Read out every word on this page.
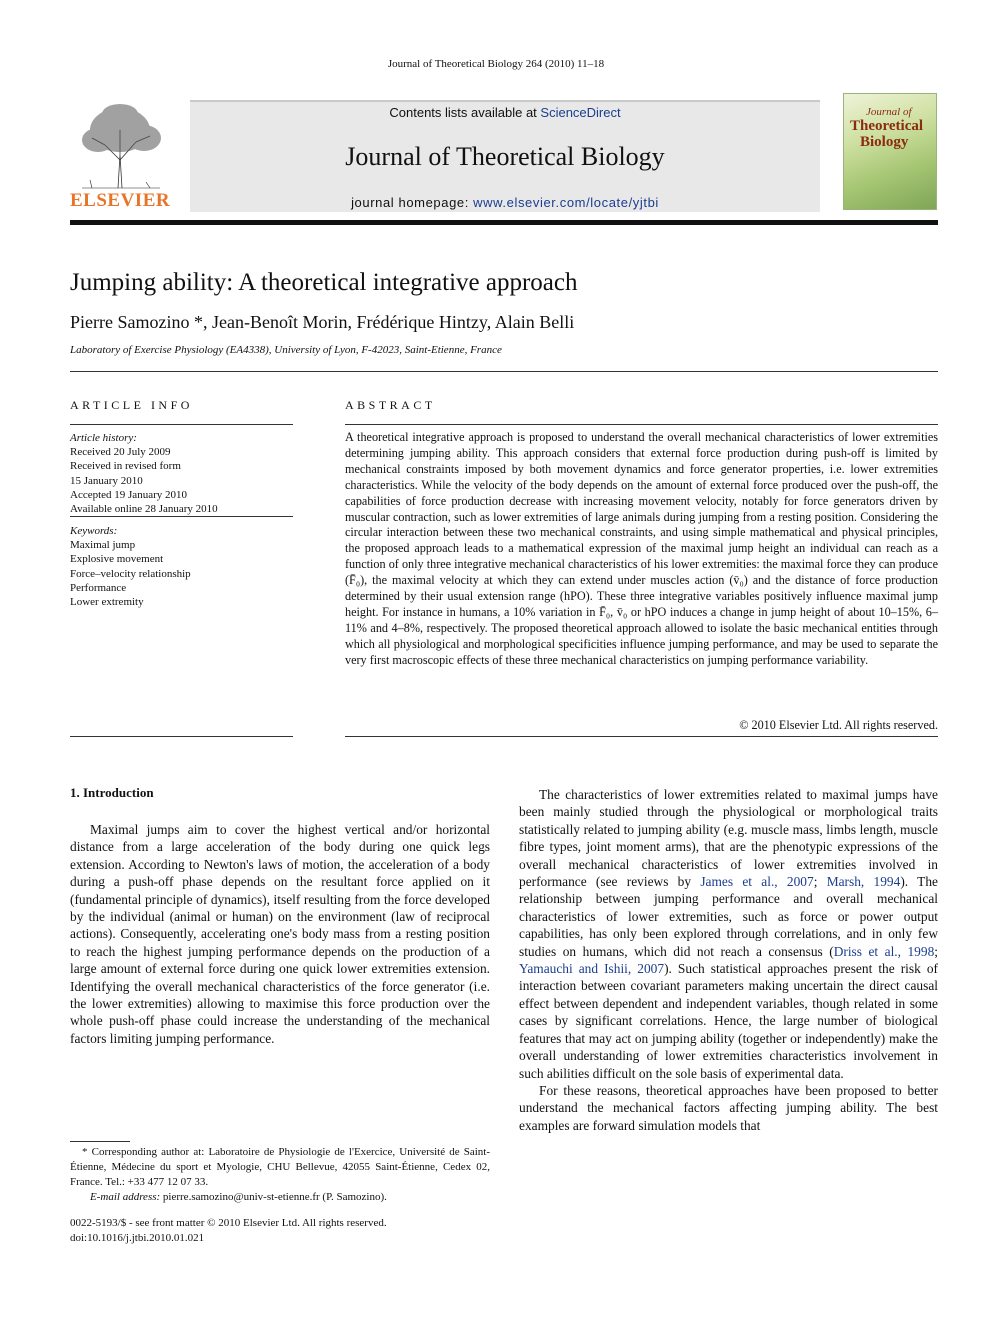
Journal of Theoretical Biology 264 (2010) 11–18
ELSEVIER
Contents lists available at ScienceDirect
Journal of Theoretical Biology
journal homepage: www.elsevier.com/locate/yjtbi
Journal of
Theoretical
Biology
Jumping ability: A theoretical integrative approach
Pierre Samozino *, Jean-Benoît Morin, Frédérique Hintzy, Alain Belli
Laboratory of Exercise Physiology (EA4338), University of Lyon, F-42023, Saint-Etienne, France
ARTICLE INFO	ABSTRACT
Article history:
Received 20 July 2009
Received in revised form
15 January 2010
Accepted 19 January 2010
Available online 28 January 2010
Keywords:
Maximal jump
Explosive movement
Force–velocity relationship
Performance
Lower extremity
A theoretical integrative approach is proposed to understand the overall mechanical characteristics of lower extremities determining jumping ability. This approach considers that external force production during push-off is limited by mechanical constraints imposed by both movement dynamics and force generator properties, i.e. lower extremities characteristics. While the velocity of the body depends on the amount of external force produced over the push-off, the capabilities of force production decrease with increasing movement velocity, notably for force generators driven by muscular contraction, such as lower extremities of large animals during jumping from a resting position. Considering the circular interaction between these two mechanical constraints, and using simple mathematical and physical principles, the proposed approach leads to a mathematical expression of the maximal jump height an individual can reach as a function of only three integrative mechanical characteristics of his lower extremities: the maximal force they can produce (F̄₀), the maximal velocity at which they can extend under muscles action (v̄₀) and the distance of force production determined by their usual extension range (hPO). These three integrative variables positively influence maximal jump height. For instance in humans, a 10% variation in F̄₀, v̄₀ or hPO induces a change in jump height of about 10–15%, 6–11% and 4–8%, respectively. The proposed theoretical approach allowed to isolate the basic mechanical entities through which all physiological and morphological specificities influence jumping performance, and may be used to separate the very first macroscopic effects of these three mechanical characteristics on jumping performance variability.
© 2010 Elsevier Ltd. All rights reserved.
1. Introduction

Maximal jumps aim to cover the highest vertical and/or horizontal distance from a large acceleration of the body during one quick legs extension. According to Newton's laws of motion, the acceleration of a body during a push-off phase depends on the resultant force applied on it (fundamental principle of dynamics), itself resulting from the force developed by the individual (animal or human) on the environment (law of reciprocal actions). Consequently, accelerating one's body mass from a resting position to reach the highest jumping performance depends on the production of a large amount of external force during one quick lower extremities extension. Identifying the overall mechanical characteristics of the force generator (i.e. the lower extremities) allowing to maximise this force production over the whole push-off phase could increase the understanding of the mechanical factors limiting jumping performance.

The characteristics of lower extremities related to maximal jumps have been mainly studied through the physiological or morphological traits statistically related to jumping ability (e.g. muscle mass, limbs length, muscle fibre types, joint moment arms), that are the phenotypic expressions of the overall mechanical characteristics of lower extremities involved in performance (see reviews by James et al., 2007; Marsh, 1994). The relationship between jumping performance and overall mechanical characteristics of lower extremities, such as force or power output capabilities, has only been explored through correlations, and in only few studies on humans, which did not reach a consensus (Driss et al., 1998; Yamauchi and Ishii, 2007). Such statistical approaches present the risk of interaction between covariant parameters making uncertain the direct causal effect between dependent and independent variables, though related in some cases by significant correlations. Hence, the large number of biological features that may act on jumping ability (together or independently) make the overall understanding of lower extremities characteristics involvement in such abilities difficult on the sole basis of experimental data.

For these reasons, theoretical approaches have been proposed to better understand the mechanical factors affecting jumping ability. The best examples are forward simulation models that

* Corresponding author at: Laboratoire de Physiologie de l'Exercice, Université de Saint-Étienne, Médecine du sport et Myologie, CHU Bellevue, 42055 Saint-Étienne, Cedex 02, France. Tel.: +33 477 12 07 33.
E-mail address: pierre.samozino@univ-st-etienne.fr (P. Samozino).
0022-5193/$ - see front matter © 2010 Elsevier Ltd. All rights reserved.
doi:10.1016/j.jtbi.2010.01.021
